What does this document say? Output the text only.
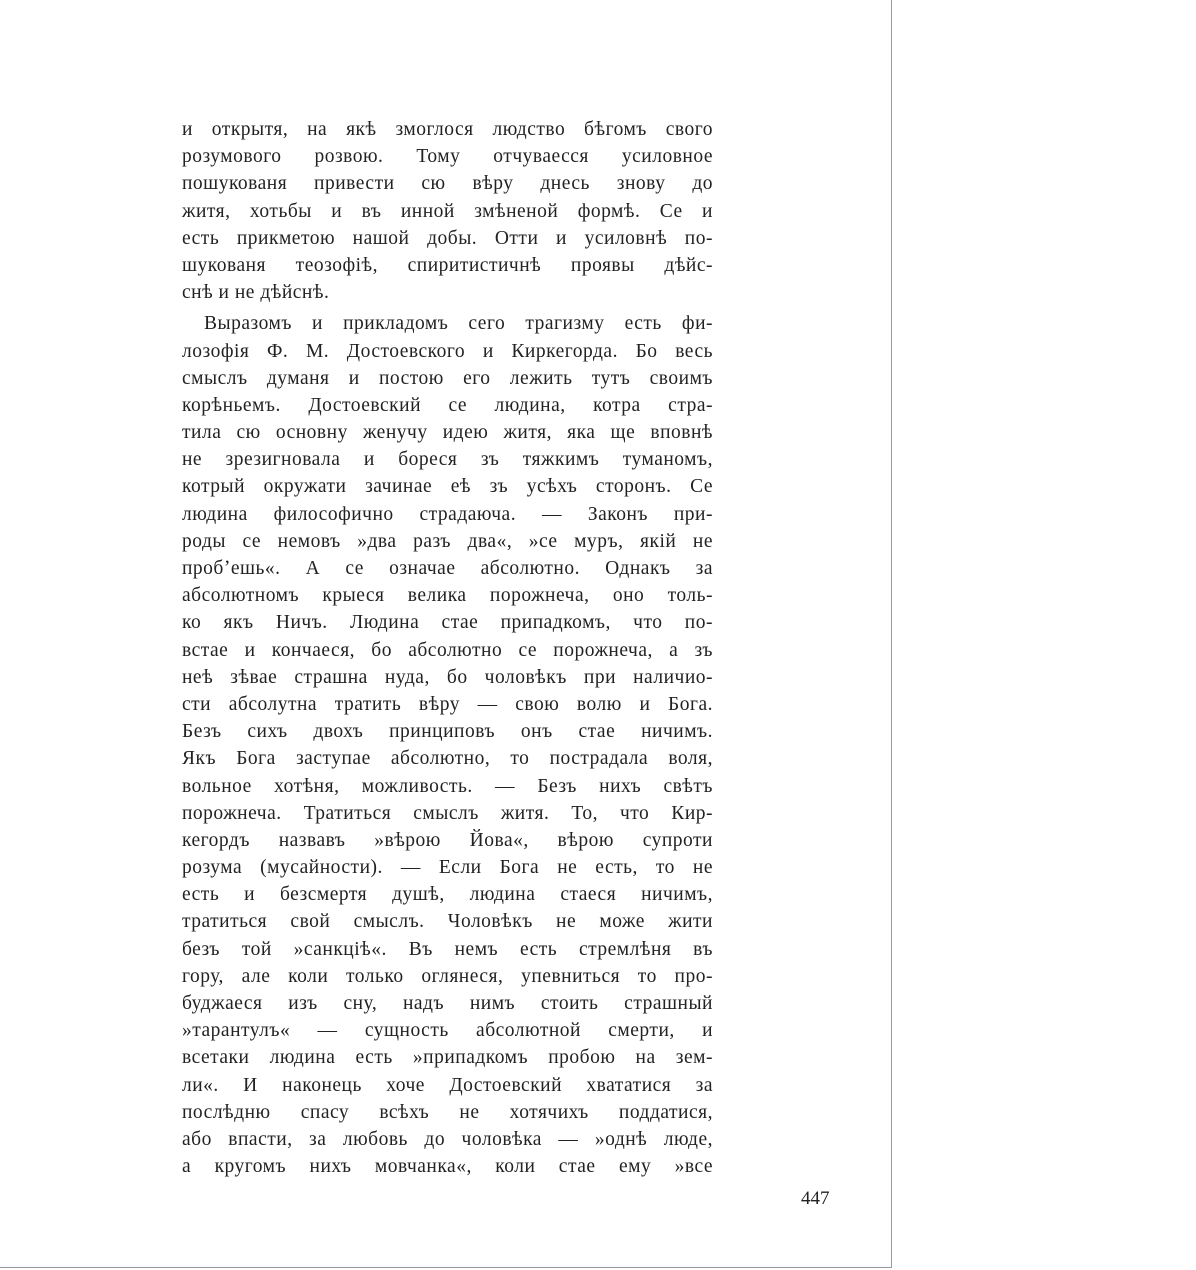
и открытя, на якѣ змоглося людство бѣгомъ свого
розумового розвою. Тому отчуваесся усиловное
пошукованя привести сю вѣру днесь знову до
житя, хотьбы и въ инной змѣненой формѣ. Се и
есть прикметою нашой добы. Отти и усиловнѣ по-
шукованя теозофіѣ, спиритистичнѣ проявы дѣйс-
снѣ и не дѣйснѣ.
Выразомъ и прикладомъ сего трагизму есть фи-
лозофія Ф. М. Достоевского и Киркегорда. Бо весь
смыслъ думаня и постою его лежить тутъ своимъ
корѣньемъ. Достоевский се людина, котра стра-
тила сю основну женучу идею житя, яка ще вповнѣ
не зрезигновала и бореся зъ тяжкимъ туманомъ,
котрый окружати зачинае еѣ зъ усѣхъ сторонъ. Се
людина философично страдаюча. — Законъ при-
роды се немовъ »два разъ два«, »се муръ, якій не
пробʼешь«. А се означае абсолютно. Однакъ за
абсолютномъ крыеся велика порожнеча, оно толь-
ко якъ Ничъ. Людина стае припадкомъ, что по-
встае и кончаеся, бо абсолютно се порожнеча, а зъ
неѣ зѣвае страшна нуда, бо чоловѣкъ при наличио-
сти абсолутна тратить вѣру — свою волю и Бога.
Безъ сихъ двохъ принциповъ онъ стае ничимъ.
Якъ Бога заступае абсолютно, то пострадала воля,
вольное хотѣня, можливость. — Безъ нихъ свѣтъ
порожнеча. Тратиться смыслъ житя. То, что Кир-
кегордъ назвавъ »вѣрою Йова«, вѣрою супроти
розума (мусайности). — Если Бога не есть, то не
есть и безсмертя душѣ, людина стаеся ничимъ,
тратиться свой смыслъ. Чоловѣкъ не може жити
безъ той »санкціѣ«. Въ немъ есть стремлѣня въ
гору, але коли только оглянеся, упевниться то про-
буджаеся изъ сну, надъ нимъ стоить страшный
»тарантулъ« — сущность абсолютной смерти, и
всетаки людина есть »припадкомъ пробою на зем-
ли«. И наконець хоче Достоевский хвататися за
послѣдню спасу всѣхъ не хотячихъ поддатися,
або впасти, за любовь до чоловѣка — »однѣ люде,
а кругомъ нихъ мовчанка«, коли стае ему »все
447
